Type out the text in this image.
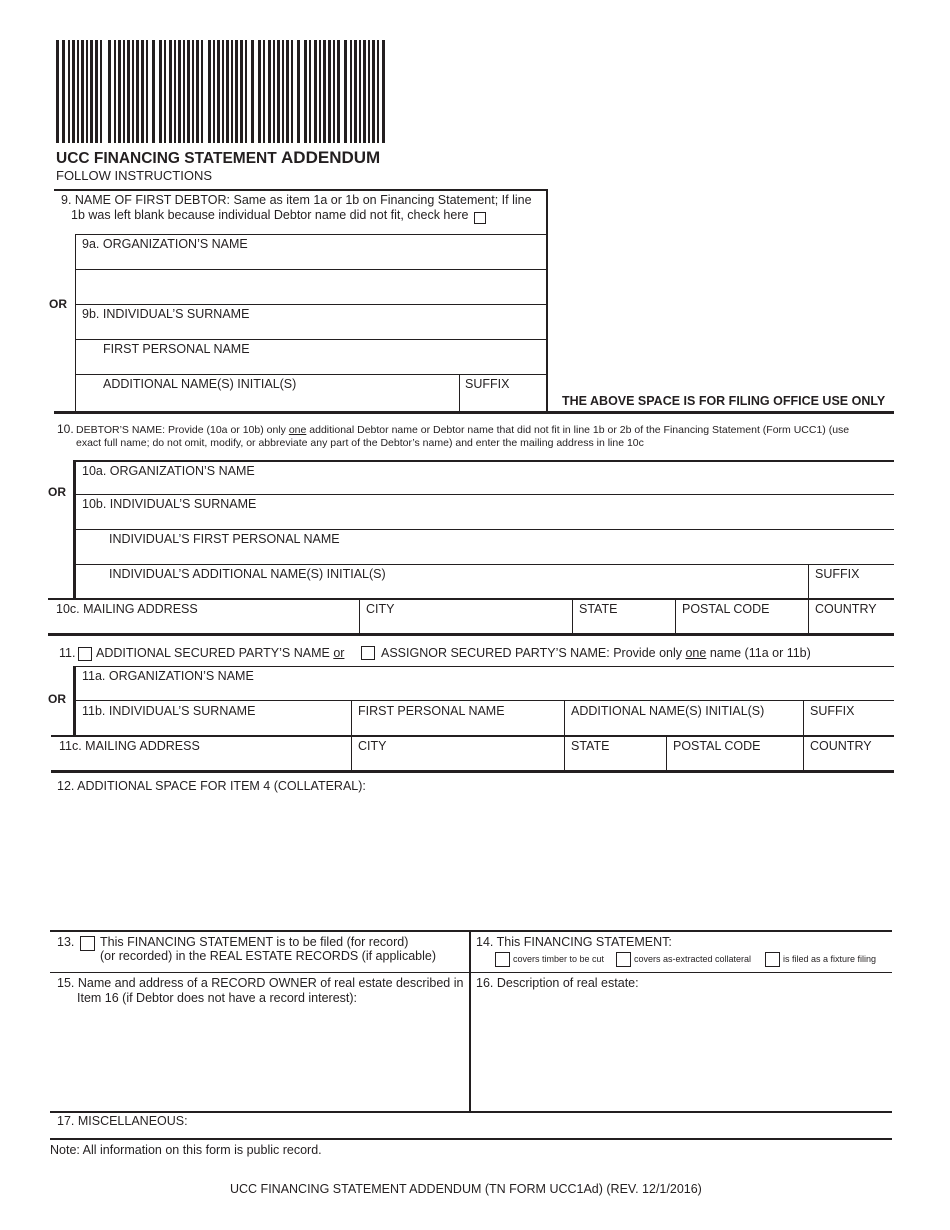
UCC FINANCING STATEMENT ADDENDUM
FOLLOW INSTRUCTIONS
9. NAME OF FIRST DEBTOR: Same as item 1a or 1b on Financing Statement; If line
1b was left blank because individual Debtor name did not fit, check here
9a. ORGANIZATION’S NAME
OR
9b. INDIVIDUAL’S SURNAME
FIRST PERSONAL NAME
ADDITIONAL NAME(S) INITIAL(S)	SUFFIX
THE ABOVE SPACE IS FOR FILING OFFICE USE ONLY
10. DEBTOR’S NAME: Provide (10a or 10b) only one additional Debtor name or Debtor name that did not fit in line 1b or 2b of the Financing Statement (Form UCC1) (use
exact full name; do not omit, modify, or abbreviate any part of the Debtor’s name) and enter the mailing address in line 10c
10a. ORGANIZATION’S NAME
OR
10b. INDIVIDUAL’S SURNAME
INDIVIDUAL’S FIRST PERSONAL NAME
INDIVIDUAL’S ADDITIONAL NAME(S) INITIAL(S)	SUFFIX
10c. MAILING ADDRESS	CITY	STATE	POSTAL CODE	COUNTRY
11. ADDITIONAL SECURED PARTY’S NAME or	ASSIGNOR SECURED PARTY’S NAME: Provide only one name (11a or 11b)
11a. ORGANIZATION’S NAME
OR
11b. INDIVIDUAL’S SURNAME	FIRST PERSONAL NAME	ADDITIONAL NAME(S) INITIAL(S)	SUFFIX
11c. MAILING ADDRESS	CITY	STATE	POSTAL CODE	COUNTRY
12. ADDITIONAL SPACE FOR ITEM 4 (COLLATERAL):
13. This FINANCING STATEMENT is to be filed (for record)
(or recorded) in the REAL ESTATE RECORDS (if applicable)
14. This FINANCING STATEMENT:
covers timber to be cut	covers as-extracted collateral	is filed as a fixture filing
15. Name and address of a RECORD OWNER of real estate described in
Item 16 (if Debtor does not have a record interest):
16. Description of real estate:
17. MISCELLANEOUS:
Note: All information on this form is public record.
UCC FINANCING STATEMENT ADDENDUM (TN FORM UCC1Ad) (REV. 12/1/2016)
